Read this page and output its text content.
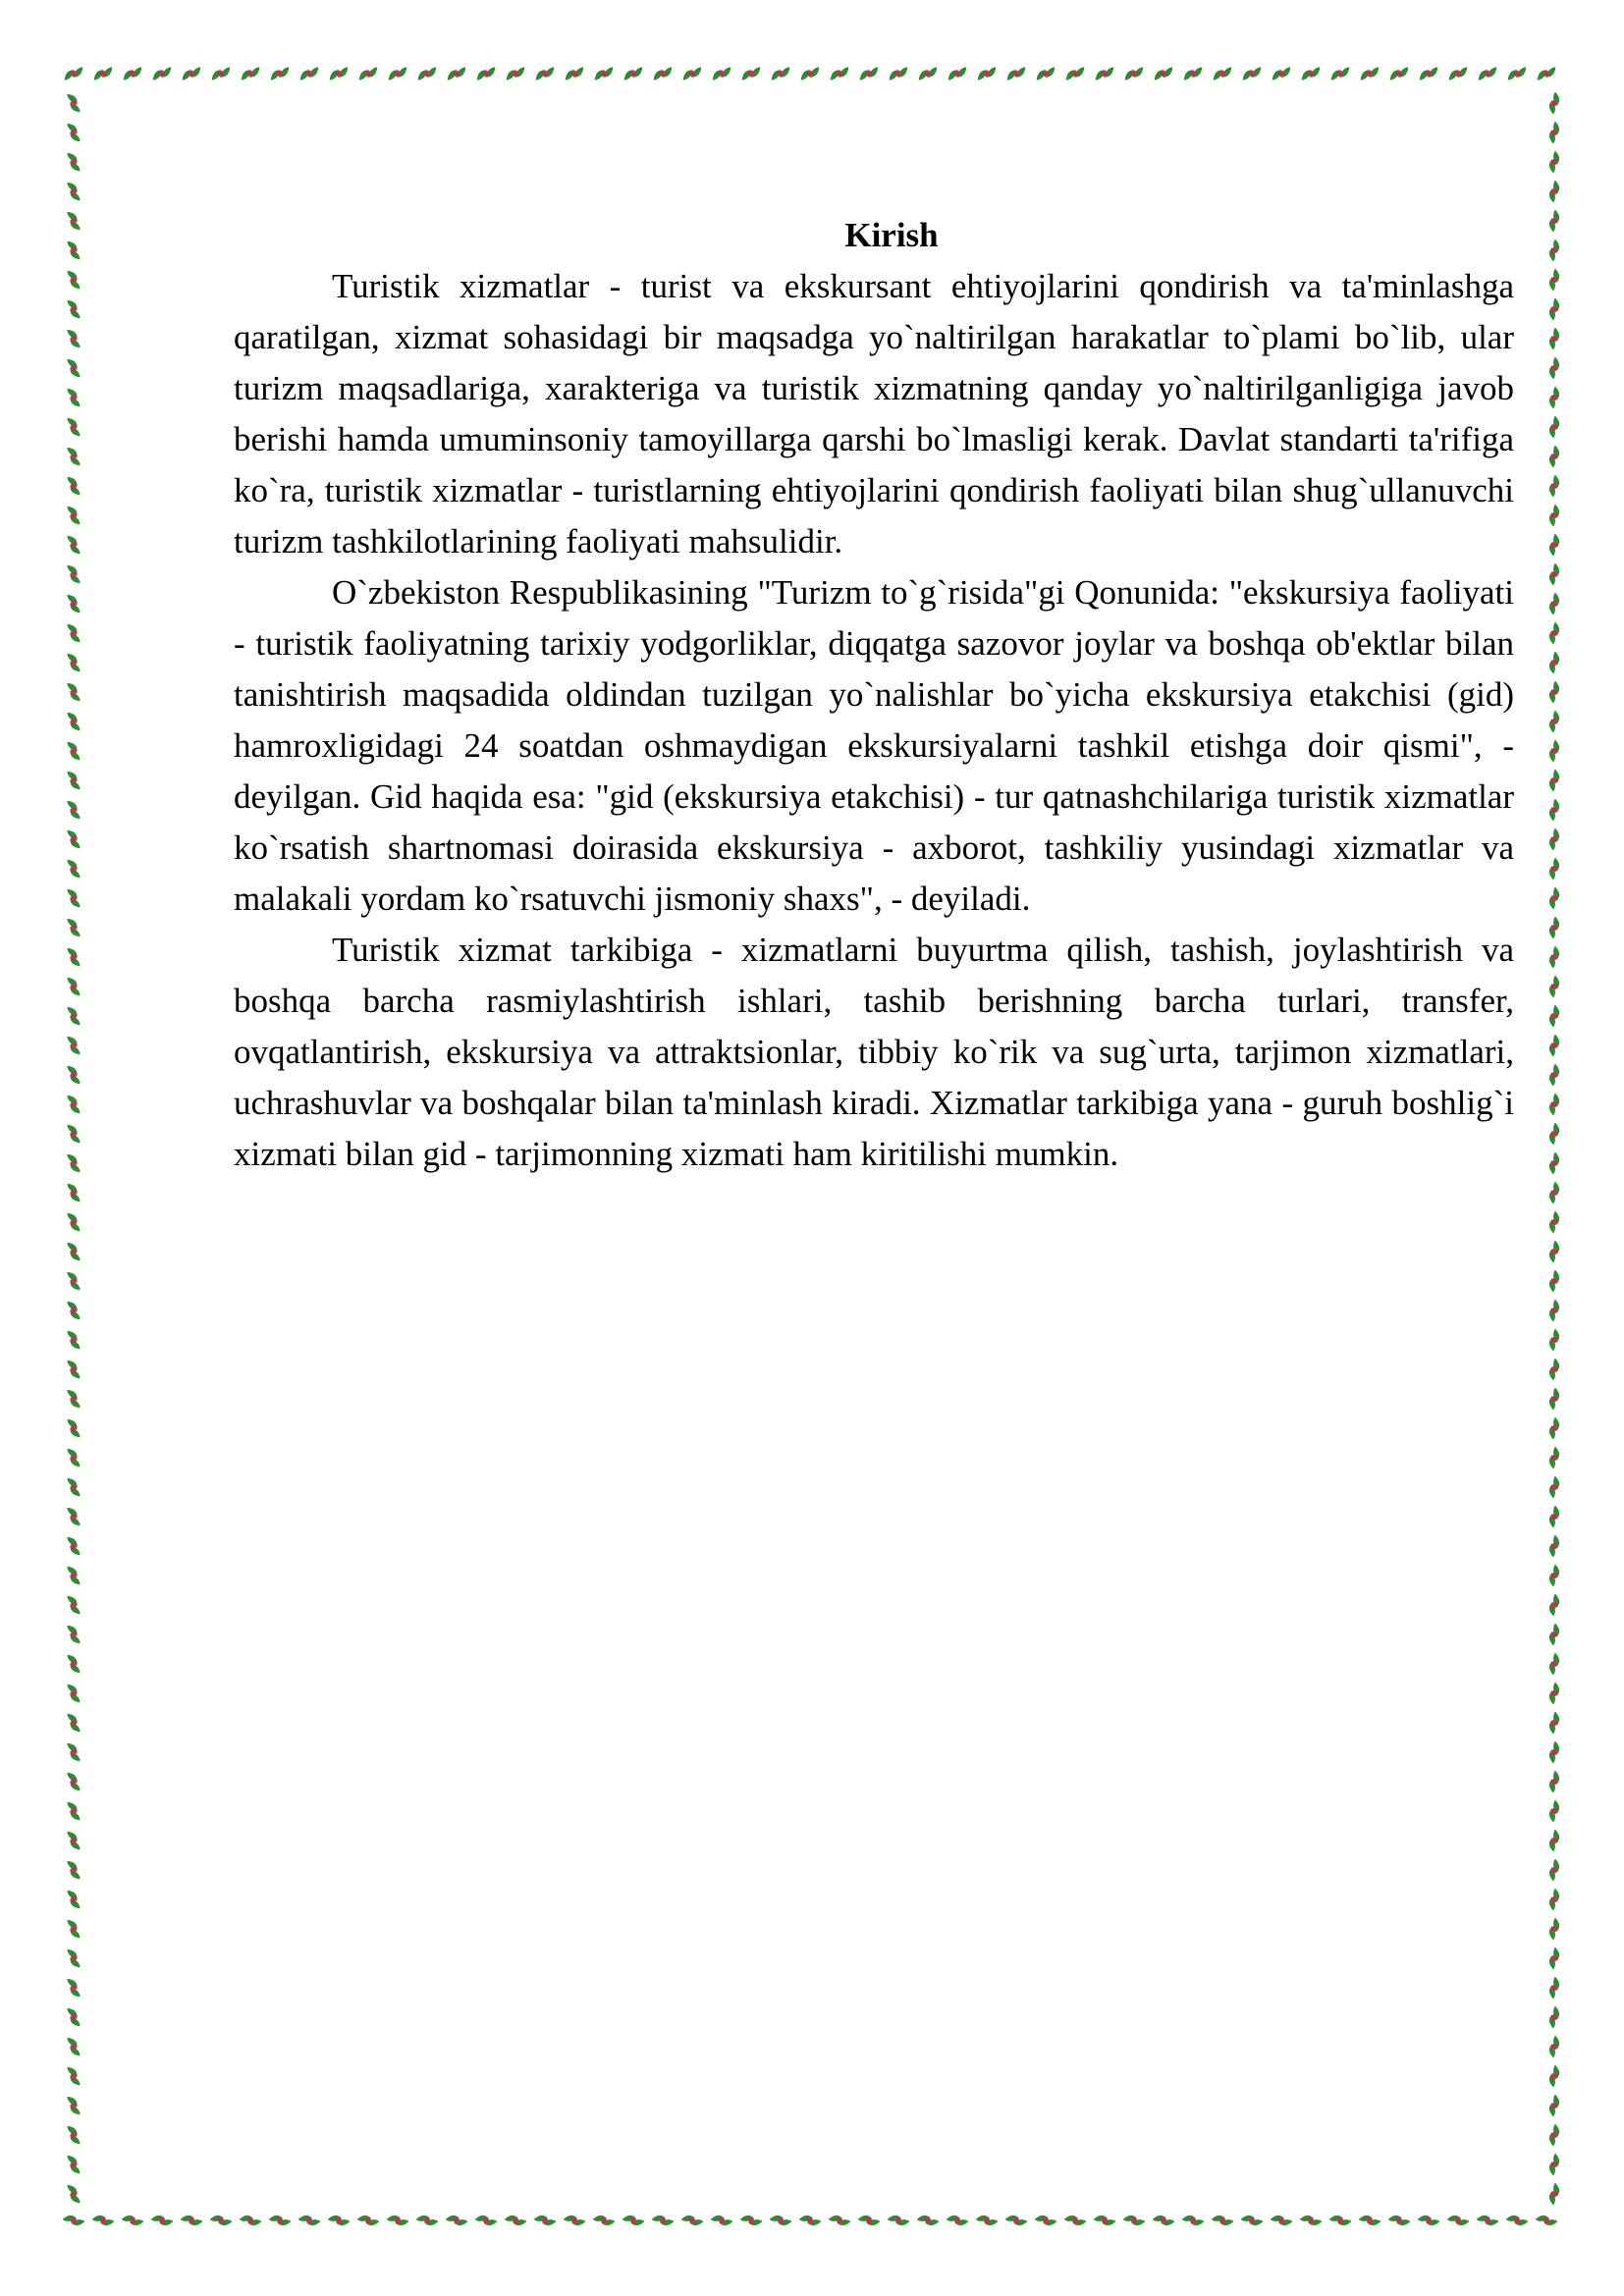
Kirish

Turistik xizmatlar - turist va ekskursant ehtiyojlarini qondirish va ta'minlashga qaratilgan, xizmat sohasidagi bir maqsadga yo`naltirilgan harakatlar to`plami bo`lib, ular turizm maqsadlariga, xarakteriga va turistik xizmatning qanday yo`naltirilganligiga javob berishi hamda umuminsoniy tamoyillarga qarshi bo`lmasligi kerak. Davlat standarti ta'rifiga ko`ra, turistik xizmatlar - turistlarning ehtiyojlarini qondirish faoliyati bilan shug`ullanuvchi turizm tashkilotlarining faoliyati mahsulidir.

O`zbekiston Respublikasining "Turizm to`g`risida"gi Qonunida: "ekskursiya faoliyati - turistik faoliyatning tarixiy yodgorliklar, diqqatga sazovor joylar va boshqa ob'ektlar bilan tanishtirish maqsadida oldindan tuzilgan yo`nalishlar bo`yicha ekskursiya etakchisi (gid) hamroxligidagi 24 soatdan oshmaydigan ekskursiyalarni tashkil etishga doir qismi", - deyilgan. Gid haqida esa: "gid (ekskursiya etakchisi) - tur qatnashchilariga turistik xizmatlar ko`rsatish shartnomasi doirasida ekskursiya - axborot, tashkiliy yusindagi xizmatlar va malakali yordam ko`rsatuvchi jismoniy shaxs", - deyiladi.

Turistik xizmat tarkibiga - xizmatlarni buyurtma qilish, tashish, joylashtirish va boshqa barcha rasmiylashtirish ishlari, tashib berishning barcha turlari, transfer, ovqatlantirish, ekskursiya va attraktsionlar, tibbiy ko`rik va sug`urta, tarjimon xizmatlari, uchrashuvlar va boshqalar bilan ta'minlash kiradi. Xizmatlar tarkibiga yana - guruh boshlig`i xizmati bilan gid - tarjimonning xizmati ham kiritilishi mumkin.
